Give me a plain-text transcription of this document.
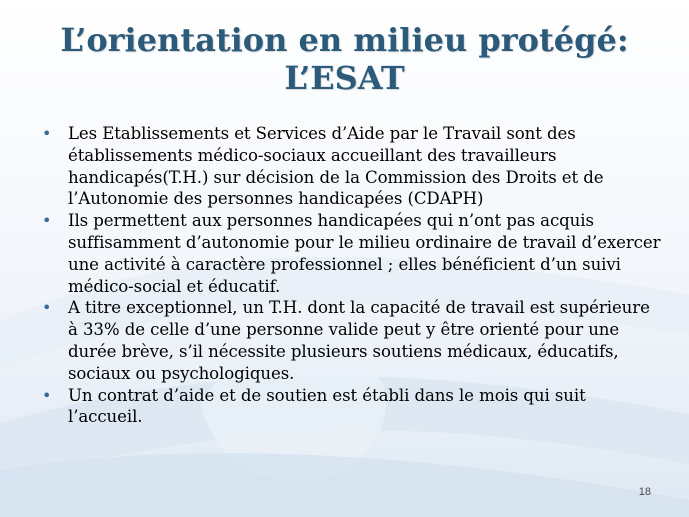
L’orientation en milieu protégé:
L’ESAT
• Les Etablissements et Services d’Aide par le Travail sont des établissements médico-sociaux accueillant des travailleurs handicapés(T.H.) sur décision de la Commission des Droits et de l’Autonomie des personnes handicapées (CDAPH)
• Ils permettent aux personnes handicapées qui n’ont pas acquis suffisamment d’autonomie pour le milieu ordinaire de travail d’exercer une activité à caractère professionnel ; elles bénéficient d’un suivi médico-social et éducatif.
• A titre exceptionnel, un T.H. dont la capacité de travail est supérieure à 33% de celle d’une personne valide peut y être orienté pour une durée brève, s’il nécessite plusieurs soutiens médicaux, éducatifs, sociaux ou psychologiques.
• Un contrat d’aide et de soutien est établi dans le mois qui suit l’accueil.
18
